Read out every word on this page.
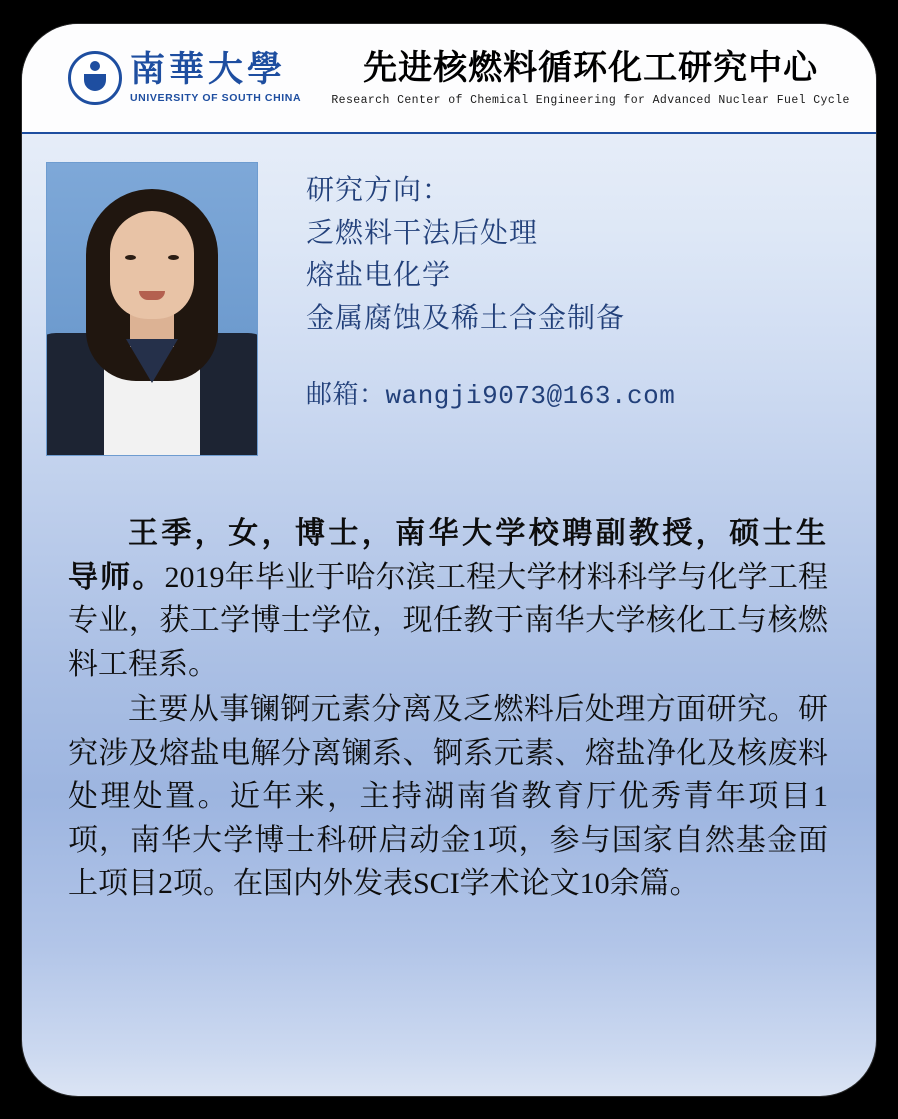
南華大學
UNIVERSITY OF SOUTH CHINA
先进核燃料循环化工研究中心
Research Center of Chemical Engineering for Advanced Nuclear Fuel Cycle
研究方向：
乏燃料干法后处理
熔盐电化学
金属腐蚀及稀土合金制备
邮箱：wangji9073@163.com

王季，女，博士，南华大学校聘副教授，硕士生导师。2019年毕业于哈尔滨工程大学材料科学与化学工程专业，获工学博士学位，现任教于南华大学核化工与核燃料工程系。

主要从事镧锕元素分离及乏燃料后处理方面研究。研究涉及熔盐电解分离镧系、锕系元素、熔盐净化及核废料处理处置。近年来，主持湖南省教育厅优秀青年项目1项，南华大学博士科研启动金1项，参与国家自然基金面上项目2项。在国内外发表SCI学术论文10余篇。
